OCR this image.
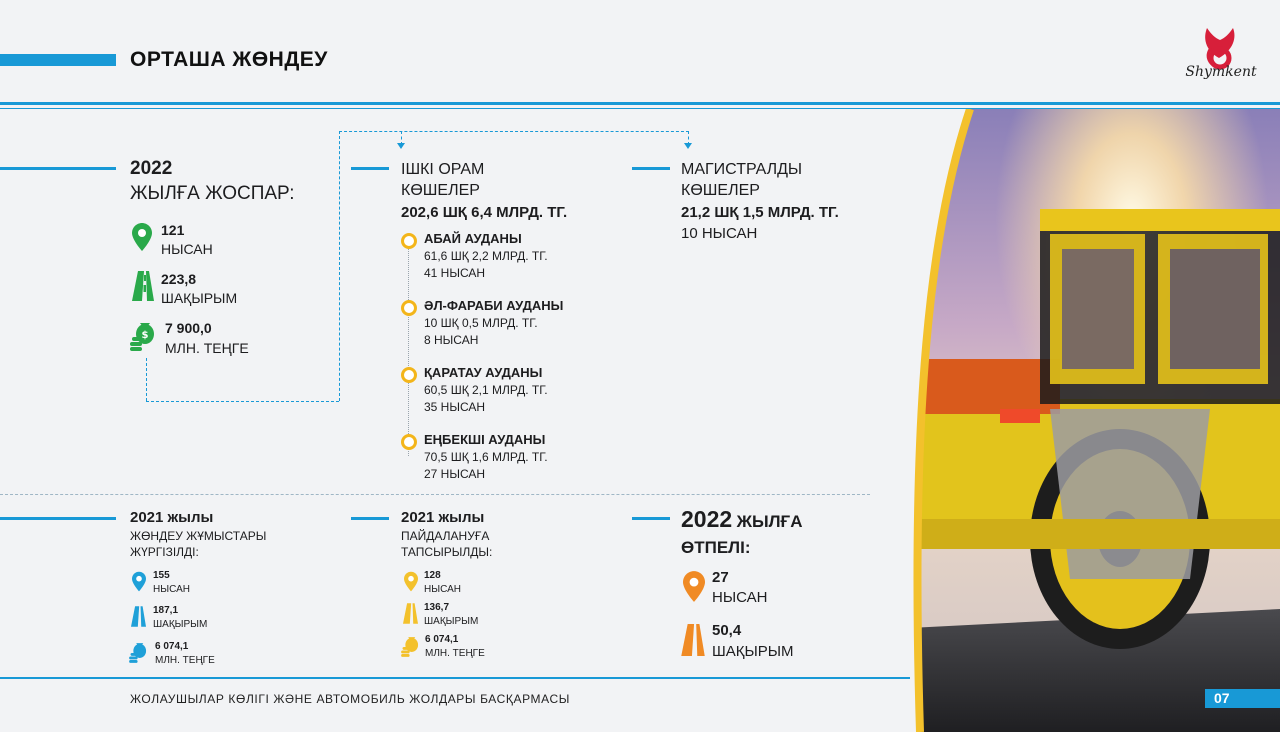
ОРТАША ЖӨНДЕУ
Shymkent
2022
ЖЫЛҒА ЖОСПАР:
121
НЫСАН
223,8
ШАҚЫРЫМ
$ 7 900,0
МЛН. ТЕҢГЕ
ІШКІ ОРАМ
КӨШЕЛЕР
202,6 ШҚ 6,4 МЛРД. ТГ.
АБАЙ АУДАНЫ
61,6 ШҚ 2,2 МЛРД. ТГ.
41 НЫСАН
ӘЛ-ФАРАБИ АУДАНЫ
10 ШҚ 0,5 МЛРД. ТГ.
8 НЫСАН
ҚАРАТАУ АУДАНЫ
60,5 ШҚ 2,1 МЛРД. ТГ.
35 НЫСАН
ЕҢБЕКШІ АУДАНЫ
70,5 ШҚ 1,6 МЛРД. ТГ.
27 НЫСАН
МАГИСТРАЛДЫ
КӨШЕЛЕР
21,2 ШҚ 1,5 МЛРД. ТГ.
10 НЫСАН
2021 жылы
ЖӨНДЕУ ЖҰМЫСТАРЫ
ЖҮРГІЗІЛДІ:
155
НЫСАН
187,1
ШАҚЫРЫМ
6 074,1
МЛН. ТЕҢГЕ
2021 жылы
ПАЙДАЛАНУҒА
ТАПСЫРЫЛДЫ:
128
НЫСАН
136,7
ШАҚЫРЫМ
6 074,1
МЛН. ТЕҢГЕ
2022 ЖЫЛҒА
ӨТПЕЛІ:
27
НЫСАН
50,4
ШАҚЫРЫМ
ЖОЛАУШЫЛАР КӨЛІГІ ЖӘНЕ АВТОМОБИЛЬ ЖОЛДАРЫ БАСҚАРМАСЫ	07
